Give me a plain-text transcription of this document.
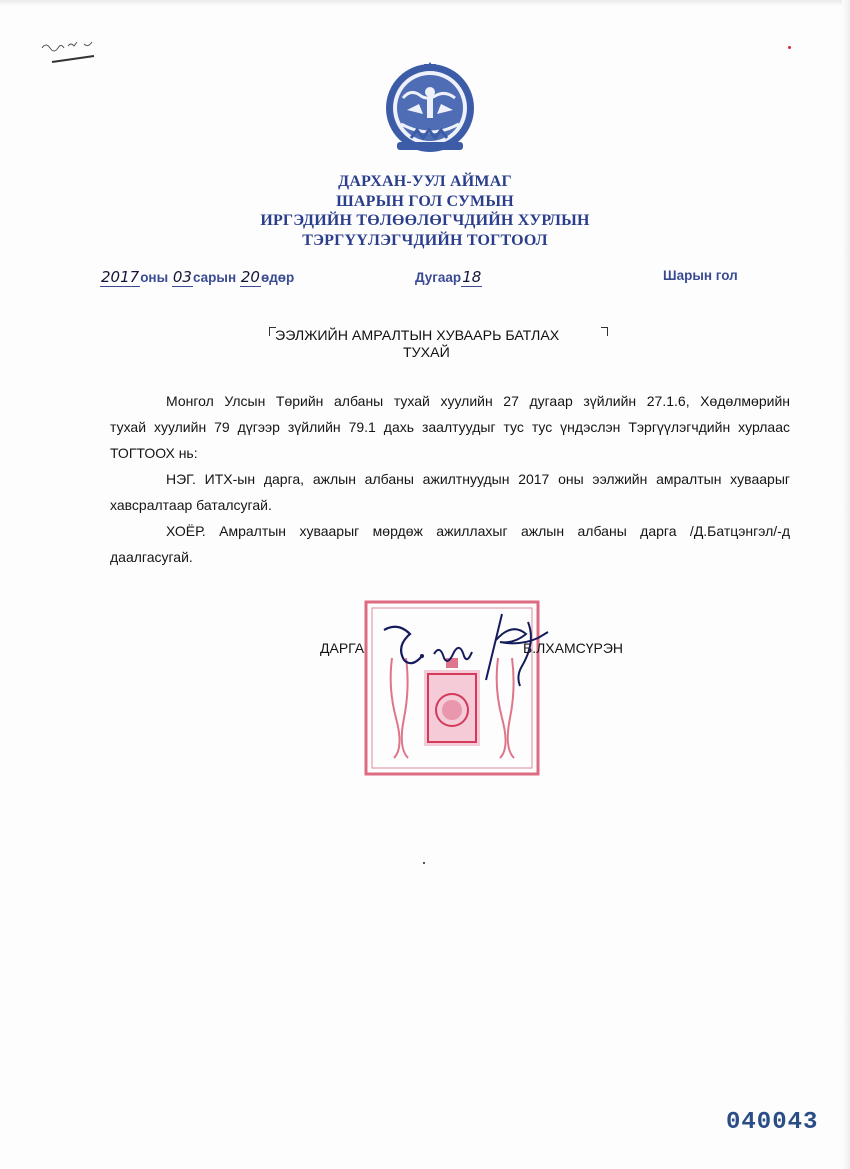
ДАРХАН-УУЛ АЙМАГ
ШАРЫН ГОЛ СУМЫН
ИРГЭДИЙН ТӨЛӨӨЛӨГЧДИЙН ХУРЛЫН
ТЭРГҮҮЛЭГЧДИЙН ТОГТООЛ
2017оны 03сарын 20өдөр	Дугаар18	Шарын гол
ЭЭЛЖИЙН АМРАЛТЫН ХУВААРЬ БАТЛАХ
ТУХАЙ
Монгол Улсын Төрийн албаны тухай хуулийн 27 дугаар зүйлийн 27.1.6, Хөдөлмөрийн

тухай хуулийн 79 дүгээр зүйлийн 79.1 дахь заалтуудыг тус тус үндэслэн Тэргүүлэгчдийн хурлаас ТОГТООХ нь:

НЭГ. ИТХ-ын дарга, ажлын албаны ажилтнуудын 2017 оны ээлжийн амралтын хуваарыг хавсралтаар баталсугай.

ХОЁР. Амралтын хуваарыг мөрдөж ажиллахыг ажлын албаны дарга /Д.Батцэнгэл/-д даалгасугай.

ДАРГА	Б.ЛХАМСҮРЭН
040043
